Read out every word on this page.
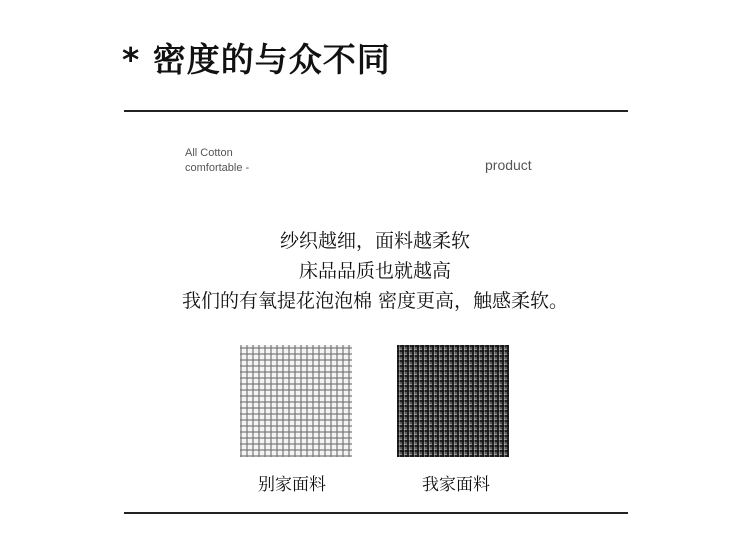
* 密度的与众不同
All Cotton
comfortable -	product
纱织越细，面料越柔软
床品品质也就越高
我们的有氧提花泡泡棉 密度更高，触感柔软。
别家面料	我家面料
